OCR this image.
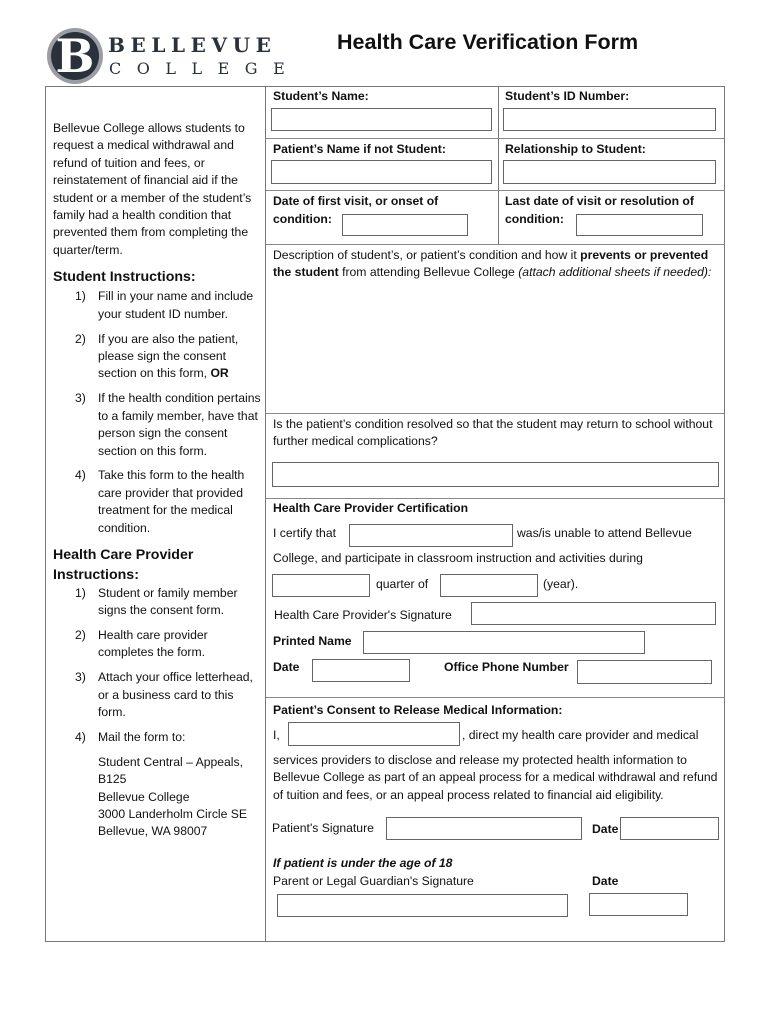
B BELLEVUE
COLLEGE
Health Care Verification Form

Bellevue College allows students to request a medical withdrawal and refund of tuition and fees, or reinstatement of financial aid if the student or a member of the student’s family had a health condition that prevented them from completing the quarter/term.

Student Instructions:
1) Fill in your name and include your student ID number.
2) If you are also the patient, please sign the consent section on this form, OR
3) If the health condition pertains to a family member, have that person sign the consent section on this form.
4) Take this form to the health care provider that provided treatment for the medical condition.
Health Care Provider
Instructions:
1) Student or family member signs the consent form.
2) Health care provider completes the form.
3) Attach your office letterhead, or a business card to this form.
4) Mail the form to:
Student Central – Appeals,
B125
Bellevue College
3000 Landerholm Circle SE
Bellevue, WA 98007
Student’s Name:	Student’s ID Number:
Patient’s Name if not Student:	Relationship to Student:
Date of first visit, or onset of
condition:
Last date of visit or resolution of
condition:
Description of student’s, or patient’s condition and how it prevents or prevented the student from attending Bellevue College (attach additional sheets if needed):
Is the patient’s condition resolved so that the student may return to school without further medical complications?
Health Care Provider Certification
I certify that	was/is unable to attend Bellevue
College, and participate in classroom instruction and activities during
quarter of	(year).
Health Care Provider's Signature
Printed Name
Date	Office Phone Number
Patient’s Consent to Release Medical Information:
I,	, direct my health care provider and medical
services providers to disclose and release my protected health information to Bellevue College as part of an appeal process for a medical withdrawal and refund of tuition and fees, or an appeal process related to financial aid eligibility.
Patient's Signature	Date
If patient is under the age of 18
Parent or Legal Guardian's Signature	Date
